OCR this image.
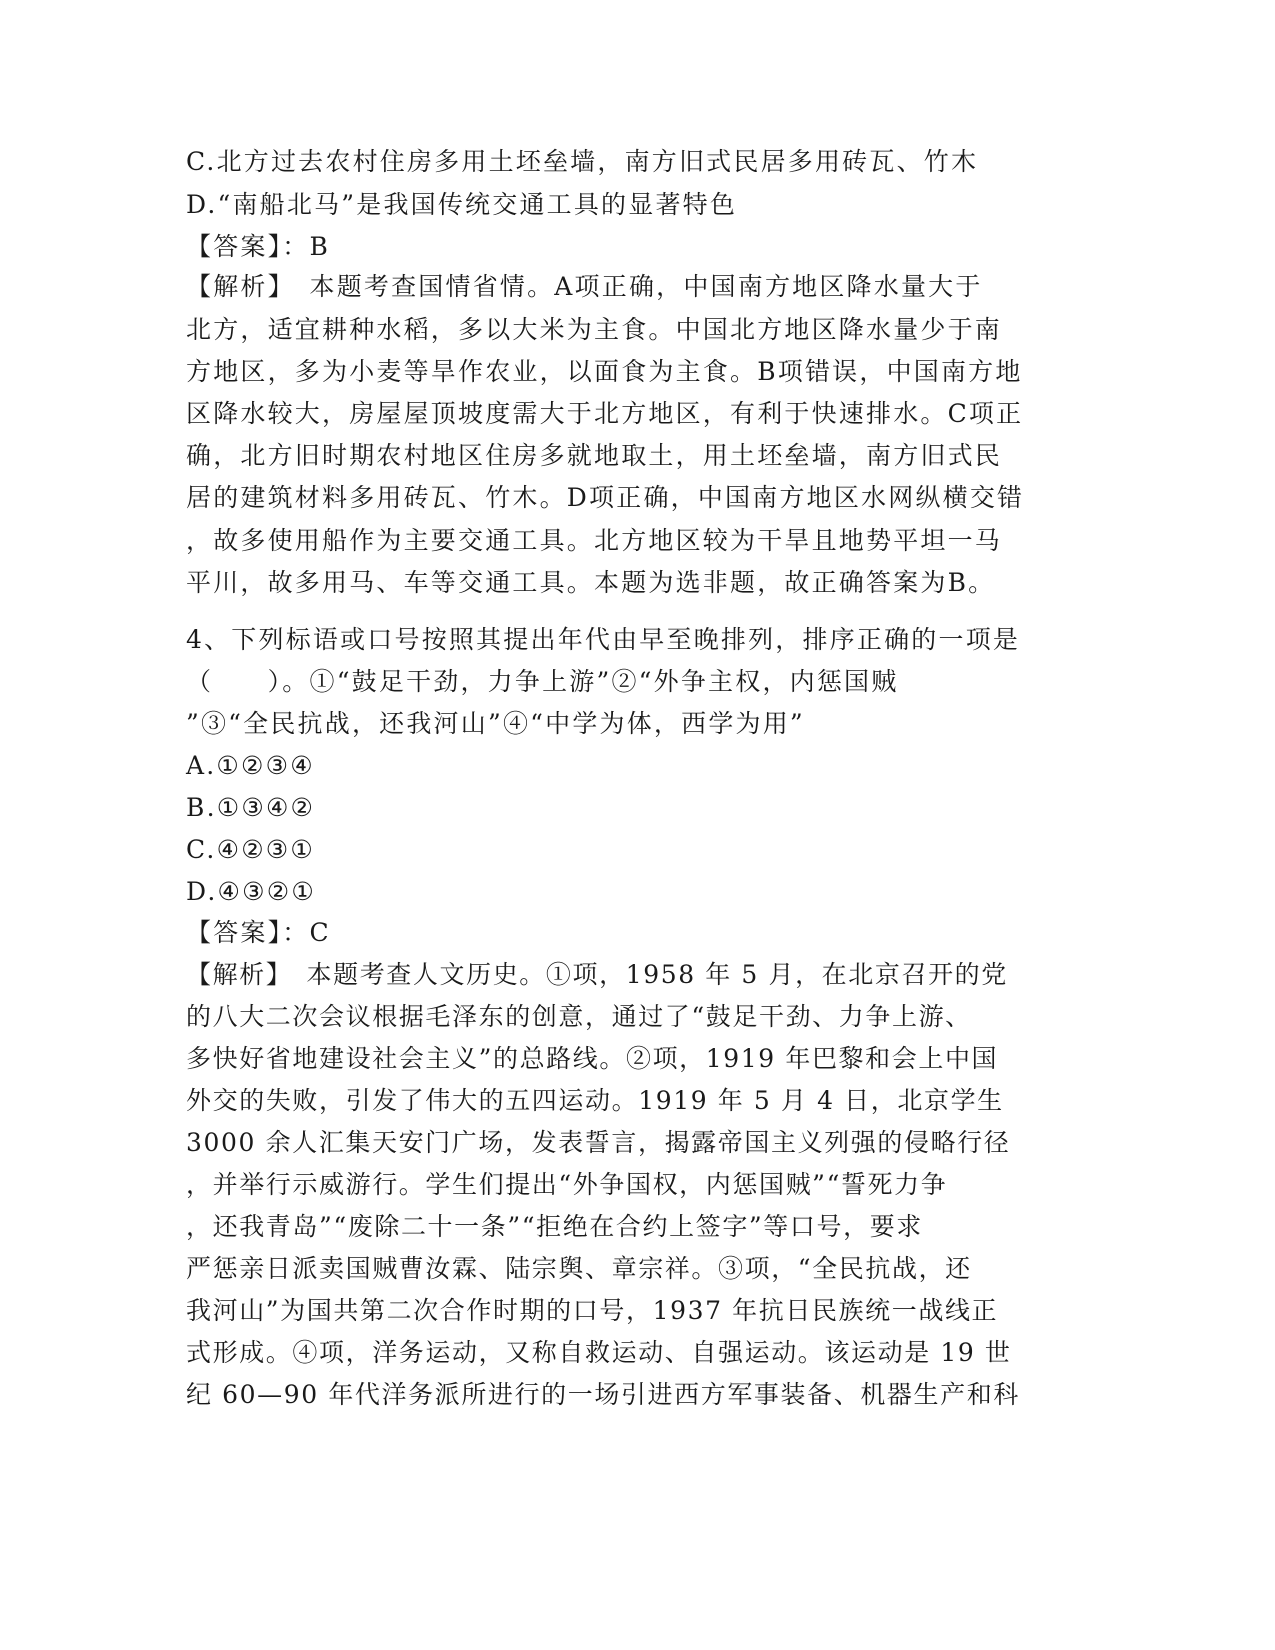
C.北方过去农村住房多用土坯垒墙，南方旧式民居多用砖瓦、竹木
D.“南船北马”是我国传统交通工具的显著特色
【答案】：B
【解析】　本题考查国情省情。A项正确，中国南方地区降水量大于
北方，适宜耕种水稻，多以大米为主食。中国北方地区降水量少于南
方地区，多为小麦等旱作农业，以面食为主食。B项错误，中国南方地
区降水较大，房屋屋顶坡度需大于北方地区，有利于快速排水。C项正
确，北方旧时期农村地区住房多就地取土，用土坯垒墙，南方旧式民
居的建筑材料多用砖瓦、竹木。D项正确，中国南方地区水网纵横交错
，故多使用船作为主要交通工具。北方地区较为干旱且地势平坦一马
平川，故多用马、车等交通工具。本题为选非题，故正确答案为B。
4、下列标语或口号按照其提出年代由早至晚排列，排序正确的一项是
（　　）。①“鼓足干劲，力争上游”②“外争主权，内惩国贼
”③“全民抗战，还我河山”④“中学为体，西学为用”
A.①②③④
B.①③④②
C.④②③①
D.④③②①
【答案】：C
【解析】　本题考查人文历史。①项，1958 年 5 月，在北京召开的党
的八大二次会议根据毛泽东的创意，通过了“鼓足干劲、力争上游、
多快好省地建设社会主义”的总路线。②项，1919 年巴黎和会上中国
外交的失败，引发了伟大的五四运动。1919 年 5 月 4 日，北京学生
3000 余人汇集天安门广场，发表誓言，揭露帝国主义列强的侵略行径
，并举行示威游行。学生们提出“外争国权，内惩国贼”“誓死力争
，还我青岛”“废除二十一条”“拒绝在合约上签字”等口号，要求
严惩亲日派卖国贼曹汝霖、陆宗舆、章宗祥。③项，“全民抗战，还
我河山”为国共第二次合作时期的口号，1937 年抗日民族统一战线正
式形成。④项，洋务运动，又称自救运动、自强运动。该运动是 19 世
纪 60—90 年代洋务派所进行的一场引进西方军事装备、机器生产和科
